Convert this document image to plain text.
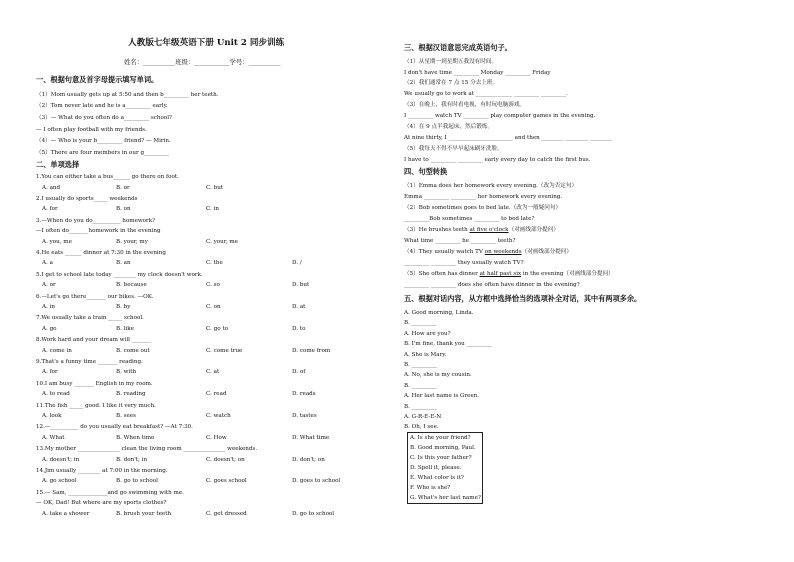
人教版七年级英语下册 Unit 2 同步训练
姓名：__________班级：___________学号：__________
一、根据句意及首字母提示填写单词。
（1）Mom usually gets up at 5:50 and then b_________ her teeth.
（2）Tom never late and he is a_________ early.
（3）— What do you often do a_________ school?
— I often play football with my friends.
（4）— Who is your b_________ friend? — Mirin.
（5）There are four members in our g_________
二、单项选择
1.You can either take a bus______ go there on foot.
A. and	B. or	C. but
2.I usually do sports_____ weekends
A. for	B. on	C. in
3.—When do you do__________ homework?
—I often do_______homework in the evening
A. you, me	B. your, my	C. your, me
4.He eats ______ dinner at 7:30 in the evening
A. a	B. an	C. the	D. /
5.I get to school late today ________ my clock doesn't work.
A. or	B. because	C. so	D. but
6.—Let's go there_______ our bikes. —OK.
A. in	B. by	C. on	D. at
7.We usually take a train _____ school.
A. go	B. like	C. go to	D. to
8.Work hard and your dream will _______
A. come in	B. come out	C. come true	D. come from
9.That's a funny time _______ reading.
A. for	B. with	C. at	D. of
10.I am busy _______ English in my room.
A. to read	B. reading	C. read	D. reads
11.The fish _____ good. I like it very much.
A. look	B. sees	C. watch	D. tastes
12.—__________ do you usually eat breakfast? —At 7:30.
A. What	B. When time	C. How	D. What time
13.My mother _______________ clean the living room _______________ weekends.
A. doesn't; in	B. don't; in	C. doesn't; on	D. don't; on
14.Jim usually ________ at 7:00 in the morning.
A. go school	B. go to school	C. goes school	D. goes to school
15.— Sam, ______________and go swimming with me.
— OK, Dad! But where are my sports clothes?
A. take a shower	B. brush your teeth	C. get dressed	D. go to school
三、根据汉语意思完成英语句子。
（1）从星期一到星期五我没有时间。
I don't have time _________ Monday _________ Friday
（2）我们通常在 7 点 15 分去上班。
We usually go to work at _____________ _________ _________.
（3）在晚上，我有时看电视，有时玩电脑游戏。
I _________ watch TV _________ play computer games in the evening.
（4）在 9 点半我起床，然后锻炼。
At nine thirty, I _______________________ and then ________ ________ ________
（5）我每天不得不早早起床刷牙洗脸。
I have to _________ _________ early every day to catch the first bus.
四、句型转换
（1）Emma does her homework every evening.（改为否定句）
Emma _________ _________ her homework every evening.
（2）Bob sometimes goes to bed late.（改为一般疑问句）
_________Bob sometimes _________ to bed late?
（3）He brushes teeth at five o'clock（对画线部分提问）
What time _________ he _________ teeth?
（4）They usually watch TV on weekends（对画线部分提问）
_________ _________ they usually watch TV?
（5）She often has dinner at half past six in the evening（对画线部分提问）
_________ _________ does she often have dinner in the evening?
五、根据对话内容，从方框中选择恰当的选项补全对话，其中有两项多余。
A. Good morning, Linda.
B. _________
A. How are you?
B. I'm fine, thank you _________
A. She is Mary.
B. _________
A. No, she is my cousin.
B. _________
A. Her last name is Green.
B. _________
A. G-R-E-E-N
B. Oh, I see.
A. Is she your friend?
B. Good morning, Paul.
C. Is this your father?
D. Spell it, please.
E. What color is it?
F. Who is she?
G. What's her last name?
